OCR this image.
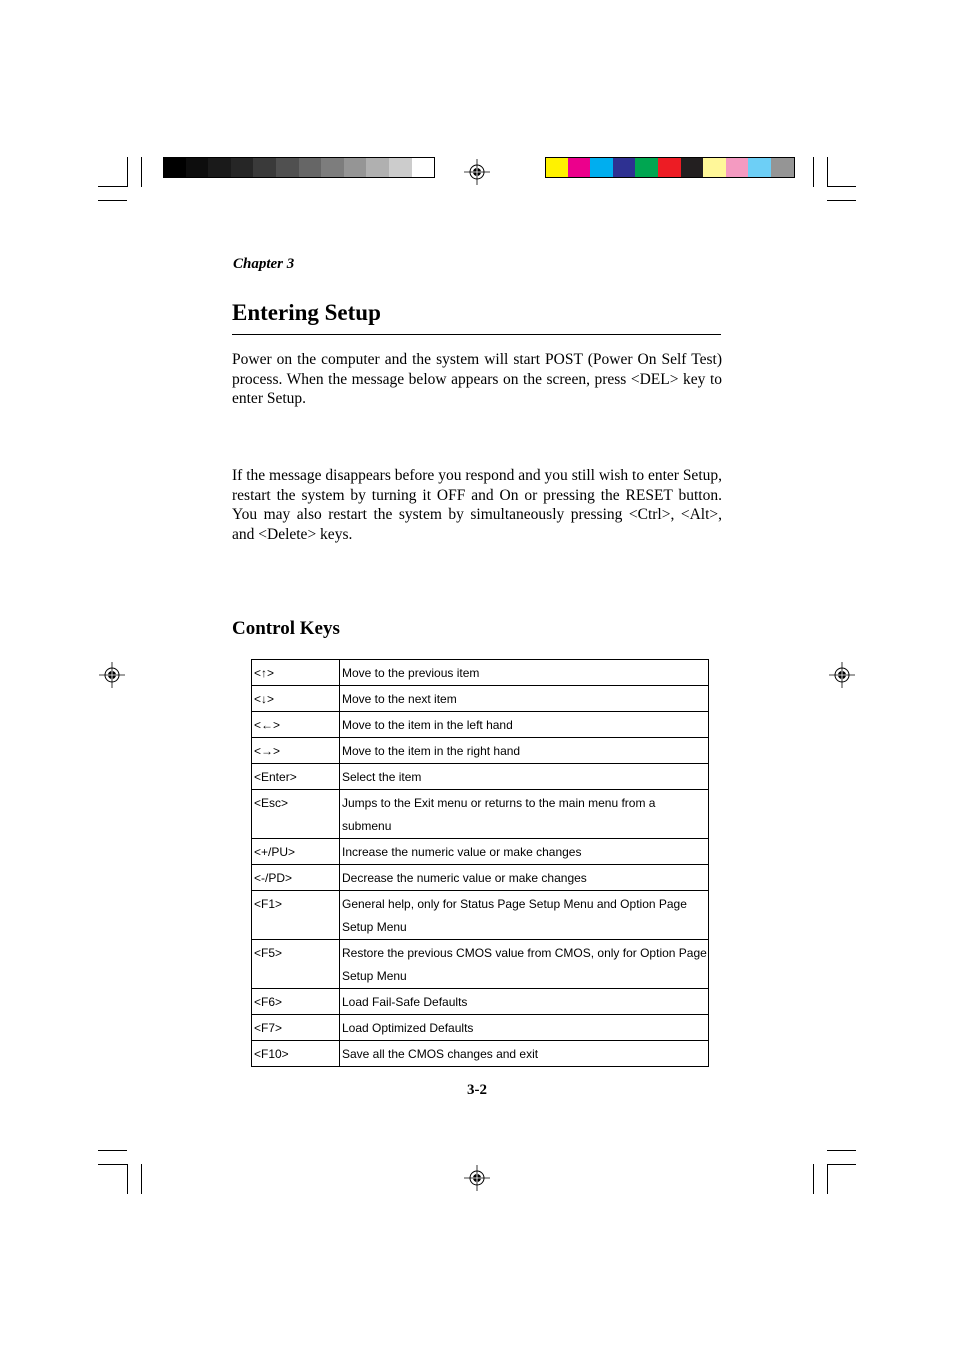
Chapter 3
Entering Setup
Power on the computer and the system will start POST (Power On Self Test) process. When the message below appears on the screen, press <DEL> key to enter Setup.
If the message disappears before you respond and you still wish to enter Setup, restart the system by turning it OFF and On or pressing the RESET button. You may also restart the system by simultaneously pressing <Ctrl>, <Alt>, and <Delete> keys.
Control Keys
<↑>	Move to the previous item
<↓>	Move to the next item
<←>	Move to the item in the left hand
<→>	Move to the item in the right hand
<Enter>	Select the item
<Esc>	Jumps to the Exit menu or returns to the main menu from a submenu
<+/PU>	Increase the numeric value or make changes
<-/PD>	Decrease the numeric value or make changes
<F1>	General help, only for Status Page Setup Menu and Option Page Setup Menu
<F5>	Restore the previous CMOS value from CMOS, only for Option Page Setup Menu
<F6>	Load Fail-Safe Defaults
<F7>	Load Optimized Defaults
<F10>	Save all the CMOS changes and exit
3-2
